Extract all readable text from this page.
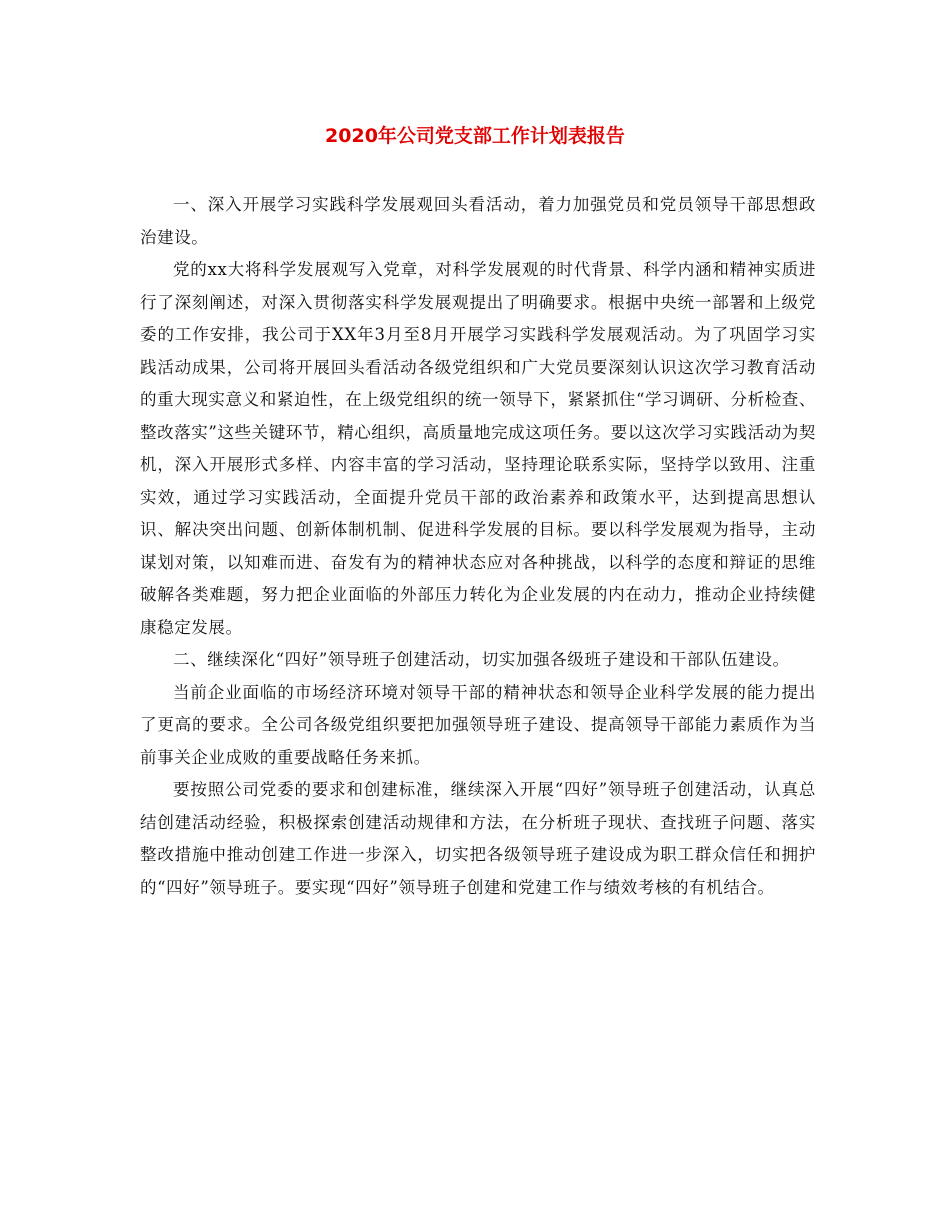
2020年公司党支部工作计划表报告

一、深入开展学习实践科学发展观回头看活动，着力加强党员和党员领导干部思想政治建设。

党的xx大将科学发展观写入党章，对科学发展观的时代背景、科学内涵和精神实质进行了深刻阐述，对深入贯彻落实科学发展观提出了明确要求。根据中央统一部署和上级党委的工作安排，我公司于XX年3月至8月开展学习实践科学发展观活动。为了巩固学习实践活动成果，公司将开展回头看活动各级党组织和广大党员要深刻认识这次学习教育活动的重大现实意义和紧迫性，在上级党组织的统一领导下，紧紧抓住“学习调研、分析检查、整改落实”这些关键环节，精心组织，高质量地完成这项任务。要以这次学习实践活动为契机，深入开展形式多样、内容丰富的学习活动，坚持理论联系实际，坚持学以致用、注重实效，通过学习实践活动，全面提升党员干部的政治素养和政策水平，达到提高思想认识、解决突出问题、创新体制机制、促进科学发展的目标。要以科学发展观为指导，主动谋划对策，以知难而进、奋发有为的精神状态应对各种挑战，以科学的态度和辩证的思维破解各类难题，努力把企业面临的外部压力转化为企业发展的内在动力，推动企业持续健康稳定发展。

二、继续深化“四好”领导班子创建活动，切实加强各级班子建设和干部队伍建设。

当前企业面临的市场经济环境对领导干部的精神状态和领导企业科学发展的能力提出了更高的要求。全公司各级党组织要把加强领导班子建设、提高领导干部能力素质作为当前事关企业成败的重要战略任务来抓。

要按照公司党委的要求和创建标准，继续深入开展“四好”领导班子创建活动，认真总结创建活动经验，积极探索创建活动规律和方法，在分析班子现状、查找班子问题、落实整改措施中推动创建工作进一步深入，切实把各级领导班子建设成为职工群众信任和拥护的“四好”领导班子。要实现“四好”领导班子创建和党建工作与绩效考核的有机结合。
